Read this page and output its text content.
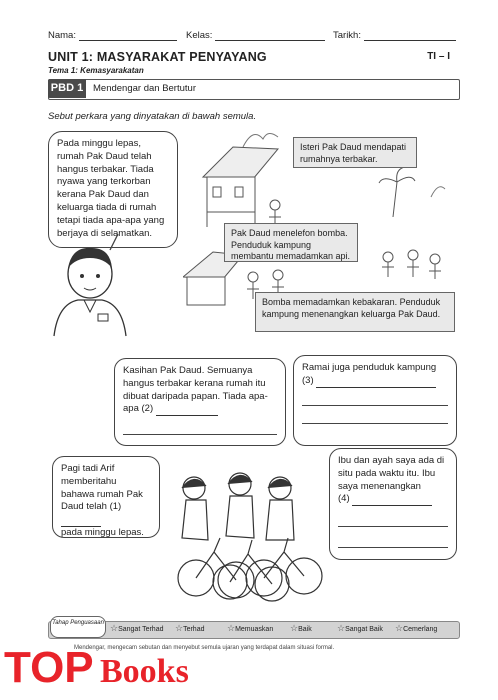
Nama:	Kelas:	Tarikh:
UNIT 1: MASYARAKAT PENYAYANG	TI – I
Tema 1: Kemasyarakatan
PBD 1 Mendengar dan Bertutur
Sebut perkara yang dinyatakan di bawah semula.
Pada minggu lepas, rumah Pak Daud telah hangus terbakar. Tiada nyawa yang terkorban kerana Pak Daud dan keluarga tiada di rumah tetapi tiada apa-apa yang berjaya di selamatkan.
Isteri Pak Daud mendapati rumahnya terbakar.
Pak Daud menelefon bomba. Penduduk kampung membantu memadamkan api.
Bomba memadamkan kebakaran. Penduduk kampung menenangkan keluarga Pak Daud.
Kasihan Pak Daud. Semuanya hangus terbakar kerana rumah itu dibuat daripada papan. Tiada apa-apa (2)
Ramai juga penduduk kampung
(3)
Pagi tadi Arif memberitahu bahawa rumah Pak Daud telah (1)
pada minggu lepas.
Ibu dan ayah saya ada di situ pada waktu itu. Ibu saya menenangkan
(4)
Tahap Penguasaan ☆Sangat Terhad ☆Terhad	☆Memuaskan ☆Baik	☆Sangat Baik ☆Cemerlang
Mendengar, mengecam sebutan dan menyebut semula ujaran yang terdapat dalam situasi formal.
TOP Books
